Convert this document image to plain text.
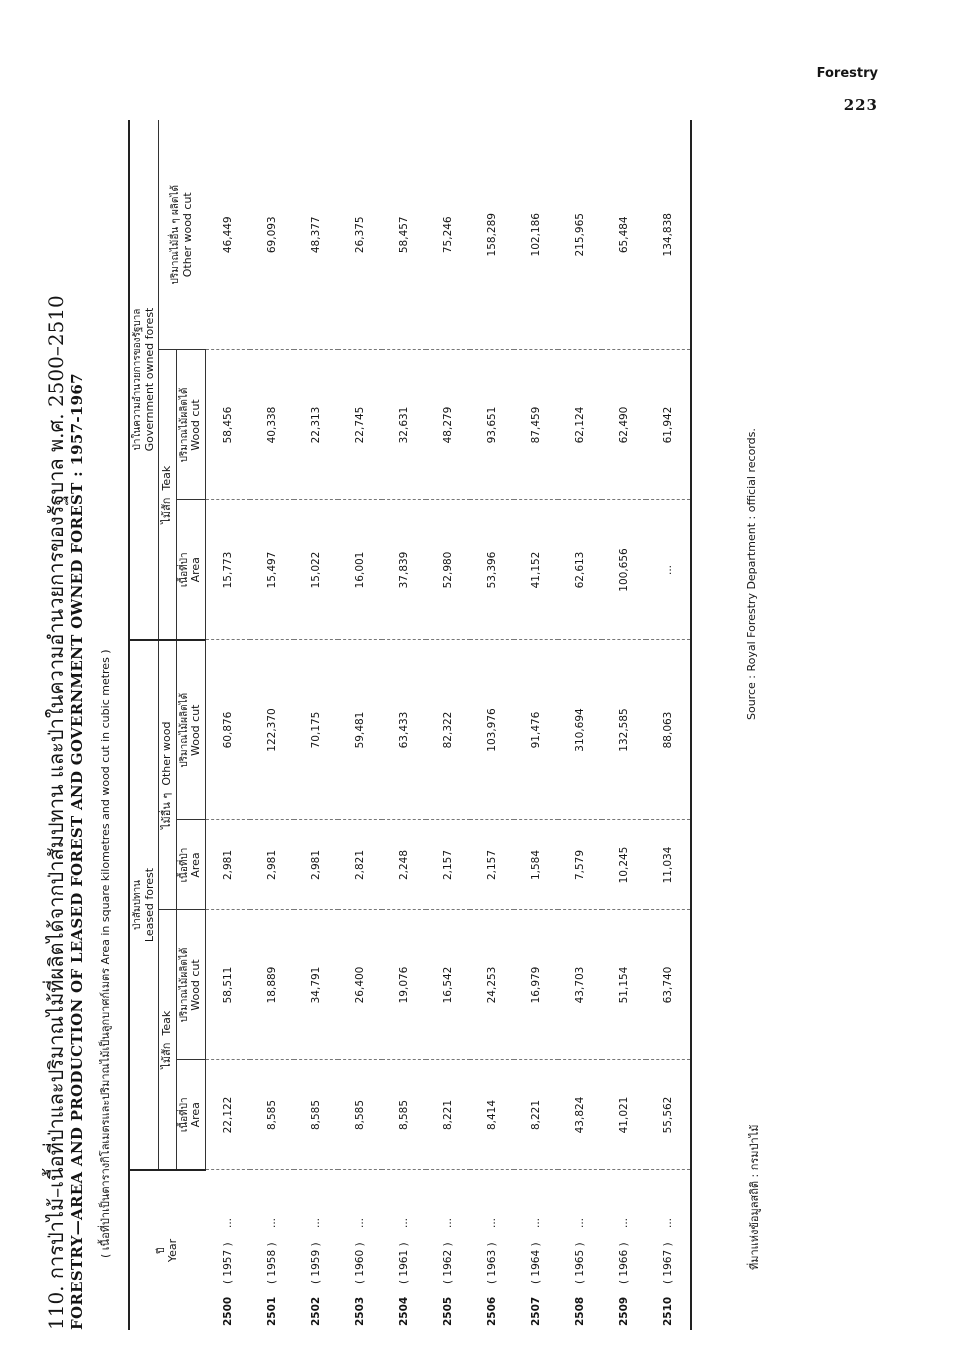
Forestry
223
110. การป่าไม้–เนื้อที่ป่าและปริมาณไม้ที่ผลิตได้จากป่าสัมปทาน และป่าในความอำนวยการของรัฐบาล พ.ศ. 2500–2510 FORESTRY—AREA AND PRODUCTION OF LEASED FOREST AND GOVERNMENT OWNED FOREST : 1957-1967 ( เนื้อที่ป่าเป็นตารางกิโลเมตรและปริมาณไม้เป็นลูกบาศก์เมตร Area in square kilometres and wood cut in cubic metres )	ปี Year	ป่าสัมปทาน Leased forest				ป่าในความอำนวยการของรัฐบาล Government owned forest		

	ไม้สัก  Teak		ไม้อื่น ๆ  Other wood		ไม้สัก  Teak		ปริมาณไม้อื่น ๆ ผลิตได้ Other wood cut

	เนื้อที่ป่า Area	ปริมาณไม้ผลิตได้ Wood cut	เนื้อที่ป่า Area	ปริมาณไม้ผลิตได้ Wood cut	เนื้อที่ป่า Area	ปริมาณไม้ผลิตได้ Wood cut	

2500( 1957 )...	22,122	58,511	2,981	60,876	15,773	58,456	46,449
2501( 1958 )...	8,585	18,889	2,981	122,370	15,497	40,338	69,093
2502( 1959 )...	8,585	34,791	2,981	70,175	15,022	22,313	48,377
2503( 1960 )...	8,585	26,400	2,821	59,481	16,001	22,745	26,375
2504( 1961 )...	8,585	19,076	2,248	63,433	37,839	32,631	58,457
2505( 1962 )...	8,221	16,542	2,157	82,322	52,980	48,279	75,246
2506( 1963 )...	8,414	24,253	2,157	103,976	53,396	93,651	158,289
2507( 1964 )...	8,221	16,979	1,584	91,476	41,152	87,459	102,186
2508( 1965 )...	43,824	43,703	7,579	310,694	62,613	62,124	215,965
2509( 1966 )...	41,021	51,154	10,245	132,585	100,656	62,490	65,484
2510( 1967 )...	55,562	63,740	11,034	88,063	...	61,942	134,838
ที่มาแห่งข้อมูลสถิติ : กรมป่าไม้
Source : Royal Forestry Department : official records.
